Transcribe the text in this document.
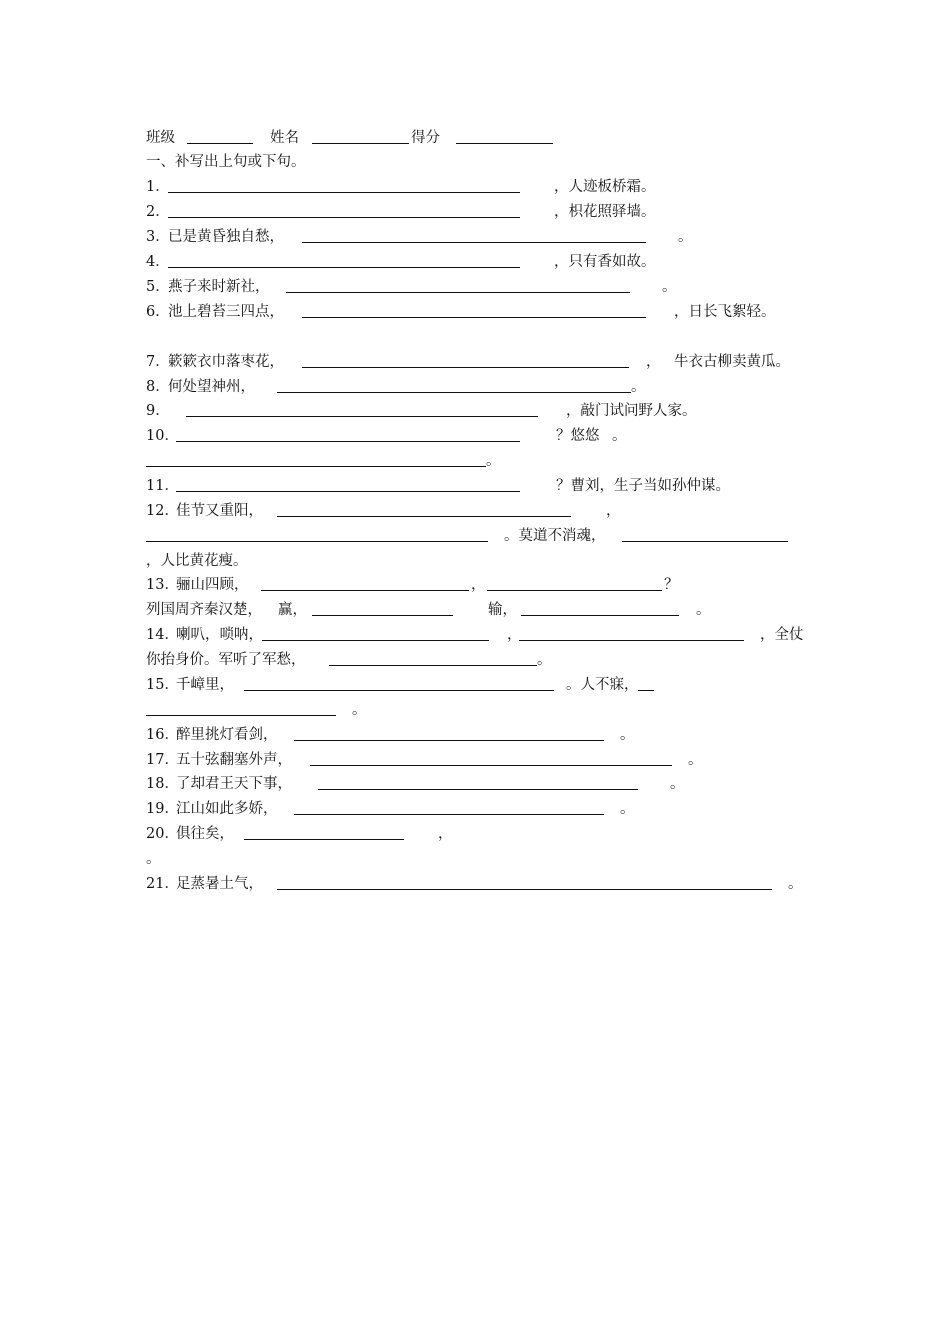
班级	姓名	得分
一、补写出上句或下句。
1．	，人迹板桥霜。
2．	，枳花照驿墙。
3．
已是黄昏独自愁，	。
4．	，只有香如故。
5．
燕子来时新社，	。
6．
池上碧苔三四点，	，日长飞絮轻。
7．
簌簌衣巾落枣花，	， 牛衣古柳卖黄瓜。
8．
何处望神州，	。
9．	，敲门试问野人家。
10．	？悠悠 。
。
11．	？曹刘，生子当如孙仲谋。
12．
佳节又重阳，	，
。莫道不消魂，
，人比黄花瘦。
13．
骊山四顾，	，	？
列国周齐秦汉楚， 赢，	输，	。
14．
喇叭，唢呐，	，	，全仗
你抬身价。军听了军愁，	。
15．
千嶂里，	。人不寐，
。
16．
醉里挑灯看剑，	。
17．
五十弦翻塞外声，	。
18．
了却君王天下事，	。
19．
江山如此多娇，	。
20．
俱往矣，	，
。
21．
足蒸暑土气，	。
